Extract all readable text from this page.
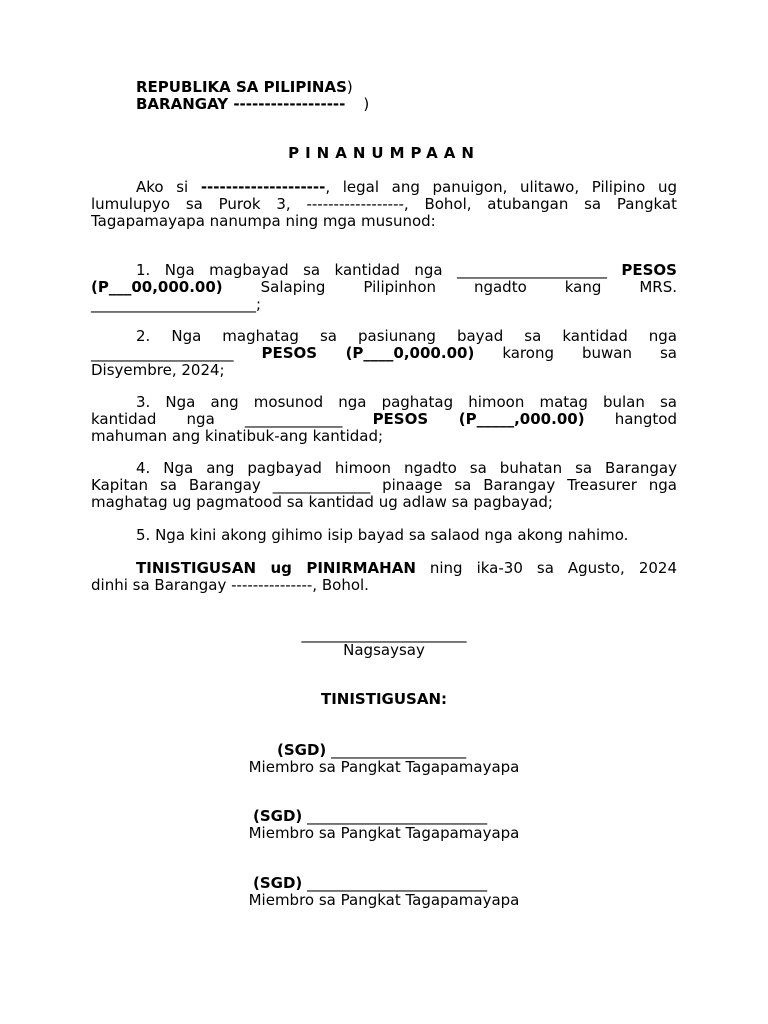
REPUBLIKA SA PILIPINAS)
BARANGAY ------------------ )
PINANUMPAAN
Ako si --------------------, legal ang panuigon, ulitawo, Pilipino ug
lumulupyo sa Purok 3, ------------------, Bohol, atubangan sa Pangkat
Tagapamayapa nanumpa ning mga musunod:
1. Nga magbayad sa kantidad nga ____________________ PESOS
(P___00,000.00) Salaping Pilipinhon ngadto kang MRS.
______________________;
2. Nga maghatag sa pasiunang bayad sa kantidad nga
___________________ PESOS (P____0,000.00) karong buwan sa
Disyembre, 2024;
3. Nga ang mosunod nga paghatag himoon matag bulan sa
kantidad nga _____________ PESOS (P_____,000.00) hangtod
mahuman ang kinatibuk-ang kantidad;
4. Nga ang pagbayad himoon ngadto sa buhatan sa Barangay
Kapitan sa Barangay _____________ pinaage sa Barangay Treasurer nga
maghatag ug pagmatood sa kantidad ug adlaw sa pagbayad;
5. Nga kini akong gihimo isip bayad sa salaod nga akong nahimo.
TINISTIGUSAN ug PINIRMAHAN ning ika-30 sa Agusto, 2024
dinhi sa Barangay ---------------, Bohol.
______________________
Nagsaysay
TINISTIGUSAN:
(SGD) __________________
Miembro sa Pangkat Tagapamayapa
(SGD) ________________________
Miembro sa Pangkat Tagapamayapa
(SGD) ________________________
Miembro sa Pangkat Tagapamayapa
